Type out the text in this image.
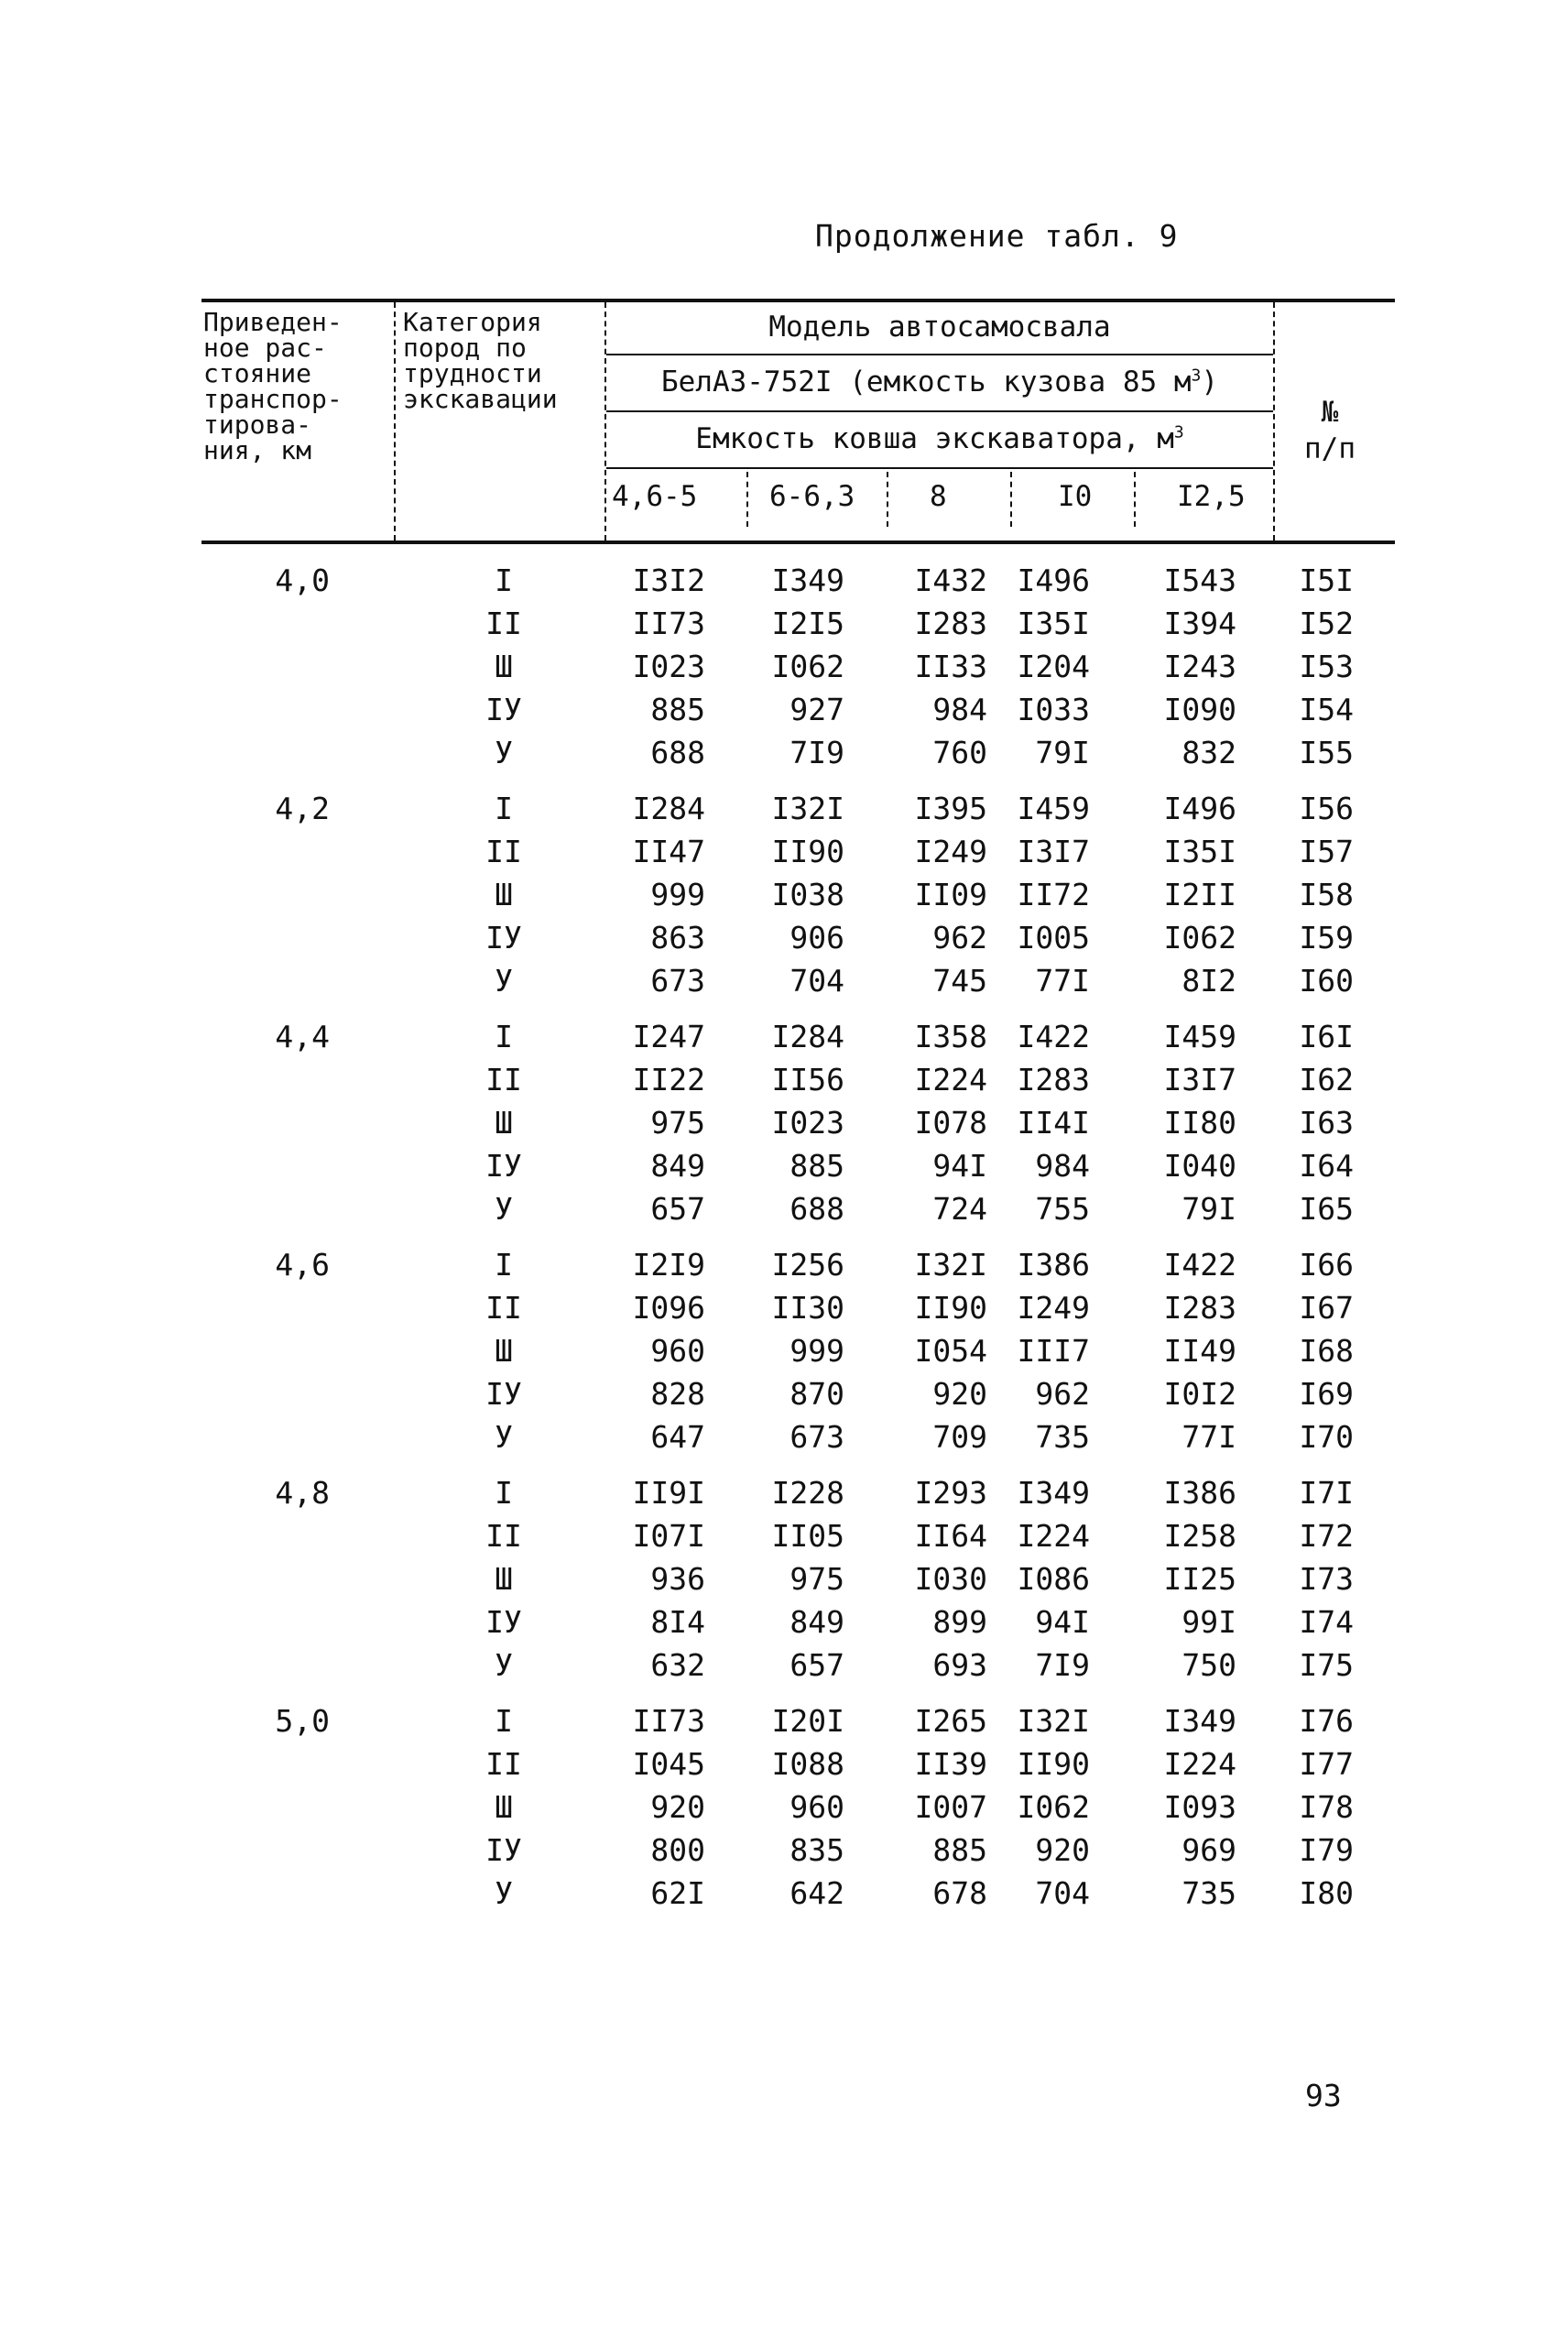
Продолжение табл. 9
Приведен-
ное рас-
стояние
транспор-
тирова-
ния, км
Категория
пород по
трудности
экскавации
Модель автосамосвала
БелАЗ-752I (емкость кузова 85 $м^3$)
Емкость ковша экскаватора, $м^3$
4,6-5	6-6,3	8	I0	I2,5
№
п/п
4,0	I	I3I2	I349	I432 I496	I543	I5I
II	II73	I2I5	I283 I35I	I394	I52
Ш	I023	I062	II33 I204	I243	I53
IУ	885	927	984 I033	I090	I54
У	688	7I9	760	79I	832	I55
4,2	I	I284	I32I	I395 I459	I496	I56
II	II47	II90	I249 I3I7	I35I	I57
Ш	999	I038	II09 II72	I2II	I58
IУ	863	906	962 I005	I062	I59
У	673	704	745	77I	8I2	I60
4,4	I	I247	I284	I358 I422	I459	I6I
II	II22	II56	I224 I283	I3I7	I62
Ш	975	I023	I078 II4I	II80	I63
IУ	849	885	94I	984	I040	I64
У	657	688	724	755	79I	I65
4,6	I	I2I9	I256	I32I I386	I422	I66
II	I096	II30	II90 I249	I283	I67
Ш	960	999	I054 III7	II49	I68
IУ	828	870	920	962	I0I2	I69
У	647	673	709	735	77I	I70
4,8	I	II9I	I228	I293 I349	I386	I7I
II	I07I	II05	II64 I224	I258	I72
Ш	936	975	I030 I086	II25	I73
IУ	8I4	849	899	94I	99I	I74
У	632	657	693	7I9	750	I75
5,0	I	II73	I20I	I265 I32I	I349	I76
II	I045	I088	II39 II90	I224	I77
Ш	920	960	I007 I062	I093	I78
IУ	800	835	885	920	969	I79
У	62I	642	678	704	735	I80
93
